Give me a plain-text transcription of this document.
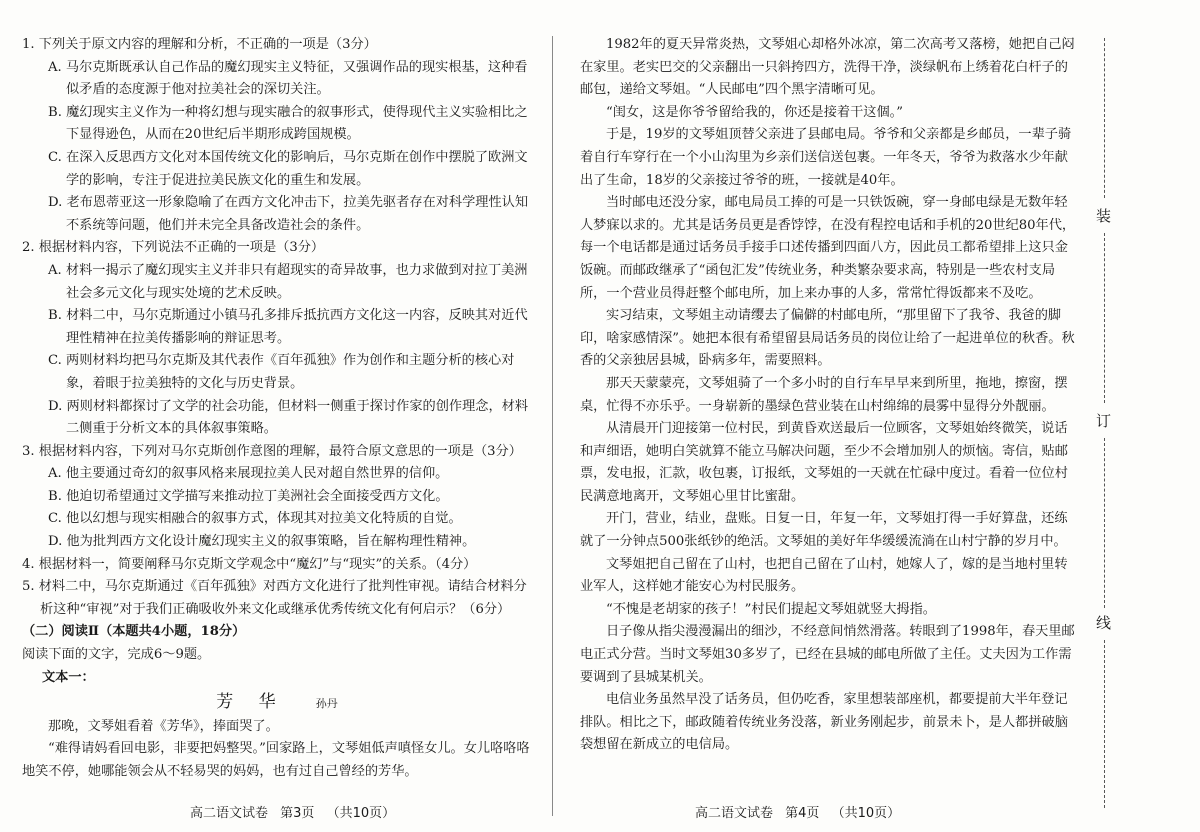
1. 下列关于原文内容的理解和分析，不正确的一项是（3分）

A. 马尔克斯既承认自己作品的魔幻现实主义特征，又强调作品的现实根基，这种看似矛盾的态度源于他对拉美社会的深切关注。

B. 魔幻现实主义作为一种将幻想与现实融合的叙事形式，使得现代主义实验相比之下显得逊色，从而在20世纪后半期形成跨国规模。

C. 在深入反思西方文化对本国传统文化的影响后，马尔克斯在创作中摆脱了欧洲文学的影响，专注于促进拉美民族文化的重生和发展。

D. 老布恩蒂亚这一形象隐喻了在西方文化冲击下，拉美先驱者存在对科学理性认知不系统等问题，他们并未完全具备改造社会的条件。

2. 根据材料内容，下列说法不正确的一项是（3分）

A. 材料一揭示了魔幻现实主义并非只有超现实的奇异故事，也力求做到对拉丁美洲社会多元文化与现实处境的艺术反映。

B. 材料二中，马尔克斯通过小镇马孔多排斥抵抗西方文化这一内容，反映其对近代理性精神在拉美传播影响的辩证思考。

C. 两则材料均把马尔克斯及其代表作《百年孤独》作为创作和主题分析的核心对象，着眼于拉美独特的文化与历史背景。

D. 两则材料都探讨了文学的社会功能，但材料一侧重于探讨作家的创作理念，材料二侧重于分析文本的具体叙事策略。

3. 根据材料内容，下列对马尔克斯创作意图的理解，最符合原文意思的一项是（3分）

A. 他主要通过奇幻的叙事风格来展现拉美人民对超自然世界的信仰。

B. 他迫切希望通过文学描写来推动拉丁美洲社会全面接受西方文化。

C. 他以幻想与现实相融合的叙事方式，体现其对拉美文化特质的自觉。

D. 他为批判西方文化设计魔幻现实主义的叙事策略，旨在解构理性精神。

4. 根据材料一，简要阐释马尔克斯文学观念中“魔幻”与“现实”的关系。（4分）

5. 材料二中，马尔克斯通过《百年孤独》对西方文化进行了批判性审视。请结合材料分析这种“审视”对于我们正确吸收外来文化或继承优秀传统文化有何启示？（6分）

（二）阅读Ⅱ（本题共4小题，18分）

阅读下面的文字，完成6～9题。

文本一：

芳 华	孙丹

那晚，文琴姐看着《芳华》，捧面哭了。

“难得请妈看回电影，非要把妈整哭。”回家路上，文琴姐低声嗔怪女儿。女儿咯咯咯地笑不停，她哪能领会从不轻易哭的妈妈，也有过自己曾经的芳华。

高二语文试卷 第3页 （共10页）

1982年的夏天异常炎热，文琴姐心却格外冰凉，第二次高考又落榜，她把自己闷在家里。老实巴交的父亲翻出一只斜挎四方，洗得干净，淡绿帆布上绣着花白杆子的邮包，递给文琴姐。“人民邮电”四个黑字清晰可见。

“闺女，这是你爷爷留给我的，你还是接着干这個。”

于是，19岁的文琴姐顶替父亲进了县邮电局。爷爷和父亲都是乡邮员，一辈子骑着自行车穿行在一个小山沟里为乡亲们送信送包裹。一年冬天，爷爷为救落水少年献出了生命，18岁的父亲接过爷爷的班，一接就是40年。

当时邮电还没分家，邮电局员工捧的可是一只铁饭碗，穿一身邮电绿是无数年轻人梦寐以求的。尤其是话务员更是香饽饽，在没有程控电话和手机的20世纪80年代，每一个电话都是通过话务员手接手口述传播到四面八方，因此员工都希望排上这只金饭碗。而邮政继承了“函包汇发”传统业务，种类繁杂要求高，特别是一些农村支局所，一个营业员得赶整个邮电所，加上来办事的人多，常常忙得饭都来不及吃。

实习结束，文琴姐主动请缨去了偏僻的村邮电所，“那里留下了我爷、我爸的脚印，啥家感情深”。她把本很有希望留县局话务员的岗位让给了一起进单位的秋香。秋香的父亲独居县城，卧病多年，需要照料。

那天天蒙蒙亮，文琴姐骑了一个多小时的自行车早早来到所里，拖地，擦窗，摆桌，忙得不亦乐乎。一身崭新的墨绿色营业装在山村绵绵的晨雾中显得分外靓丽。

从清晨开门迎接第一位村民，到黄昏欢送最后一位顾客，文琴姐始终微笑，说话和声细语，她明白笑就算不能立马解决问题，至少不会增加别人的烦恼。寄信，贴邮票，发电报，汇款，收包裹，订报纸，文琴姐的一天就在忙碌中度过。看着一位位村民满意地离开，文琴姐心里甘比蜜甜。

开门，营业，结业，盘账。日复一日，年复一年，文琴姐打得一手好算盘，还练就了一分钟点500张纸钞的绝活。文琴姐的美好年华缓缓流淌在山村宁静的岁月中。

文琴姐把自己留在了山村，也把自己留在了山村，她嫁人了，嫁的是当地村里转业军人，这样她才能安心为村民服务。

“不愧是老胡家的孩子！”村民们提起文琴姐就竖大拇指。

日子像从指尖漫漫漏出的细沙，不经意间悄然滑落。转眼到了1998年，春天里邮电正式分营。当时文琴姐30多岁了，已经在县城的邮电所做了主任。丈夫因为工作需要调到了县城某机关。

电信业务虽然早没了话务员，但仍吃香，家里想装部座机，都要提前大半年登记排队。相比之下，邮政随着传统业务没落，新业务刚起步，前景未卜，是人都拼破脑袋想留在新成立的电信局。

高二语文试卷 第4页 （共10页）
装
订
线
